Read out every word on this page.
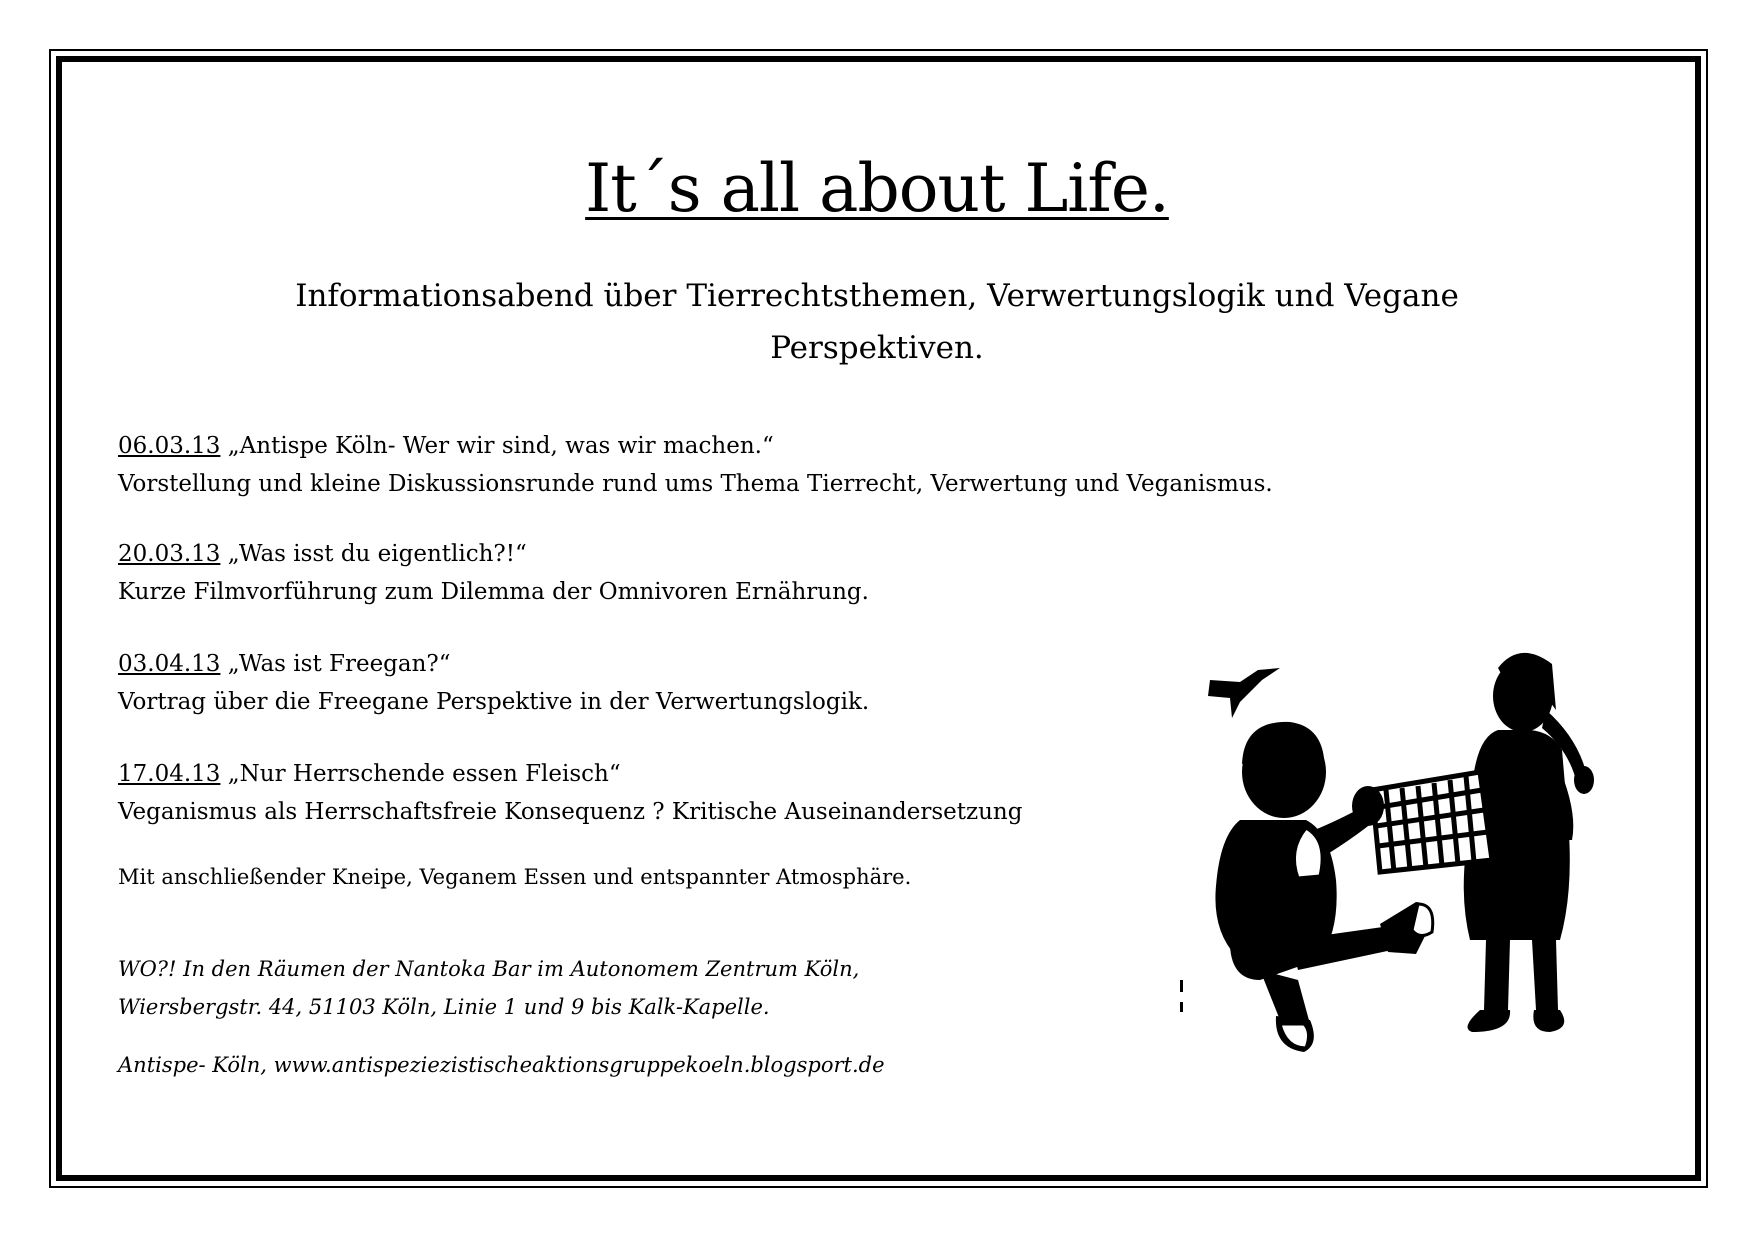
It´s all about Life.
Informationsabend über Tierrechtsthemen, Verwertungslogik und Vegane
Perspektiven.

06.03.13 „Antispe Köln- Wer wir sind, was wir machen.“

Vorstellung und kleine Diskussionsrunde rund ums Thema Tierrecht, Verwertung und Veganismus.

20.03.13 „Was isst du eigentlich?!“

Kurze Filmvorführung zum Dilemma der Omnivoren Ernährung.

03.04.13 „Was ist Freegan?“

Vortrag über die Freegane Perspektive in der Verwertungslogik.

17.04.13 „Nur Herrschende essen Fleisch“

Veganismus als Herrschaftsfreie Konsequenz ? Kritische Auseinandersetzung

Mit anschließender Kneipe, Veganem Essen und entspannter Atmosphäre.

WO?! In den Räumen der Nantoka Bar im Autonomem Zentrum Köln,

Wiersbergstr. 44, 51103 Köln, Linie 1 und 9 bis Kalk-Kapelle.

Antispe- Köln, www.antispeziezistischeaktionsgruppekoeln.blogsport.de
